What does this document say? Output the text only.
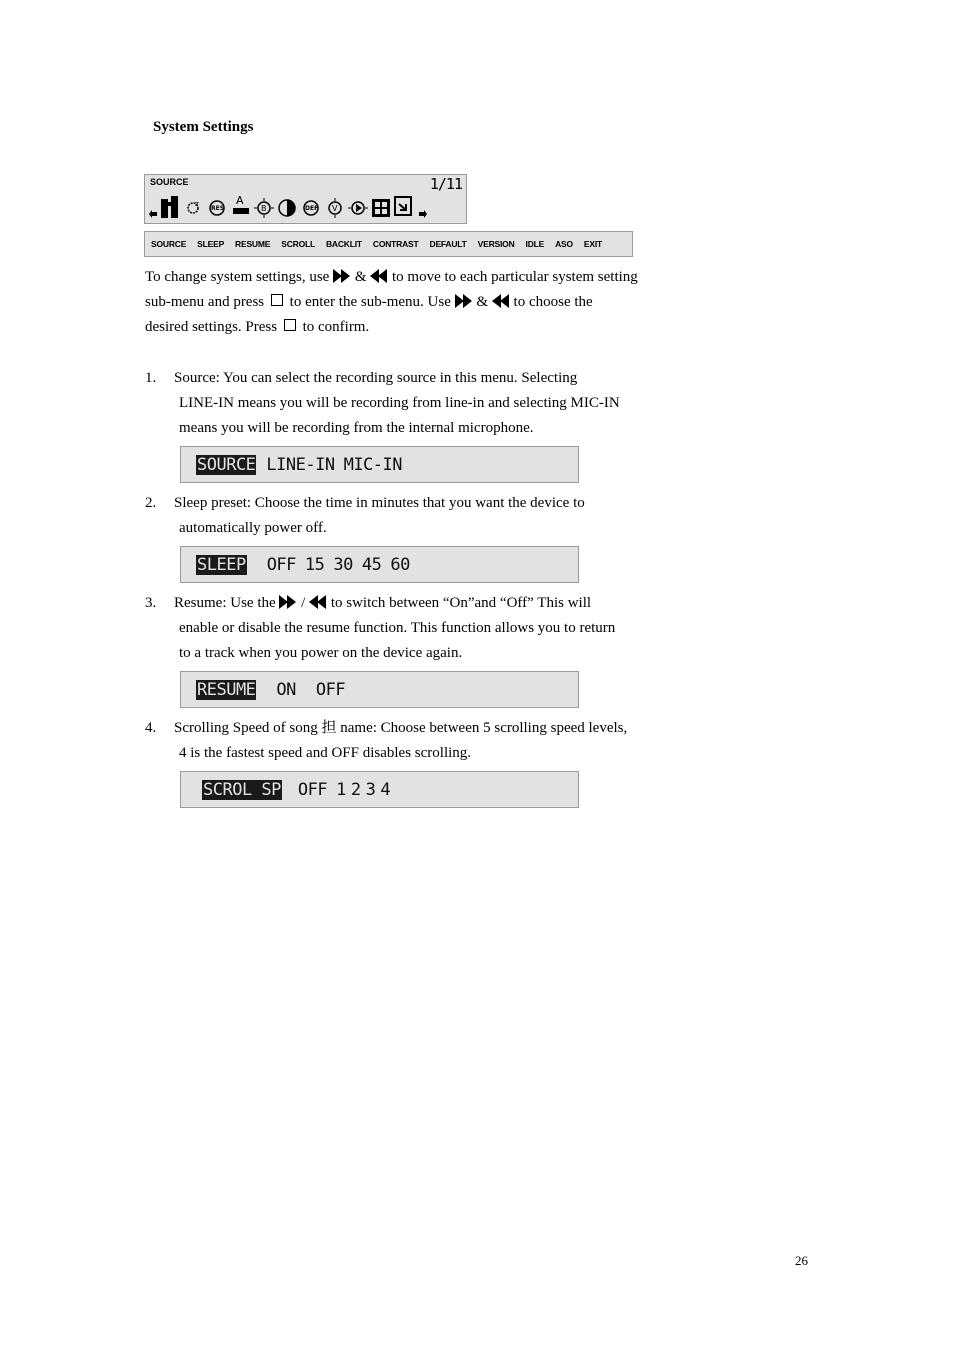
System Settings
SOURCE	1/11
z
RES
A
B	DEF V
SOURCE SLEEP RESUME SCROLL BACKLIT CONTRAST DEFAULT VERSION IDLE ASO EXIT
To change system settings, use & to move to each particular system setting
sub-menu and press to enter the sub-menu. Use & to choose the
desired settings. Press to confirm.
1. Source: You can select the recording source in this menu. Selecting
LINE-IN means you will be recording from line-in and selecting MIC-IN
means you will be recording from the internal microphone.
SOURCE LINE-IN MIC-IN
2. Sleep preset: Choose the time in minutes that you want the device to
automatically power off.
SLEEP OFF 15 30 45 60
3. Resume: Use the / to switch between “On”and “Off” This will
enable or disable the resume function. This function allows you to return
to a track when you power on the device again.
RESUME ON OFF
4. Scrolling Speed of song 担 name: Choose between 5 scrolling speed levels,
4 is the fastest speed and OFF disables scrolling.
SCROL SP OFF 1 2 3 4
26
